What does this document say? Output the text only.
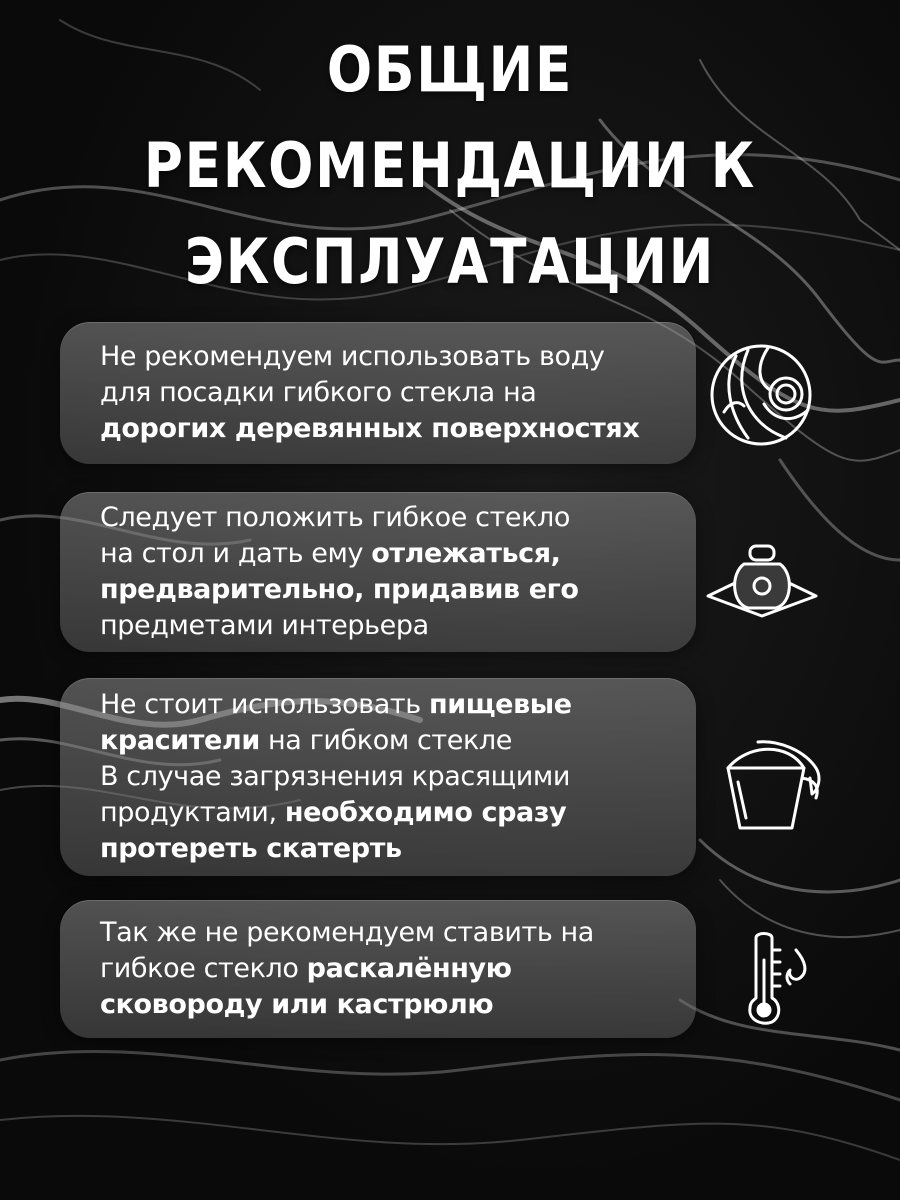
ОБЩИЕ РЕКОМЕНДАЦИИ К
ЭКСПЛУАТАЦИИ
Не рекомендуем использовать воду
для посадки гибкого стекла на
дорогих деревянных поверхностях
Следует положить гибкое стекло
на стол и дать ему отлежаться,
предварительно, придавив его
предметами интерьера
Не стоит использовать пищевые
красители на гибком стекле
В случае загрязнения красящими
продуктами, необходимо сразу
протереть скатерть
Так же не рекомендуем ставить на
гибкое стекло раскалённую
сковороду или кастрюлю
